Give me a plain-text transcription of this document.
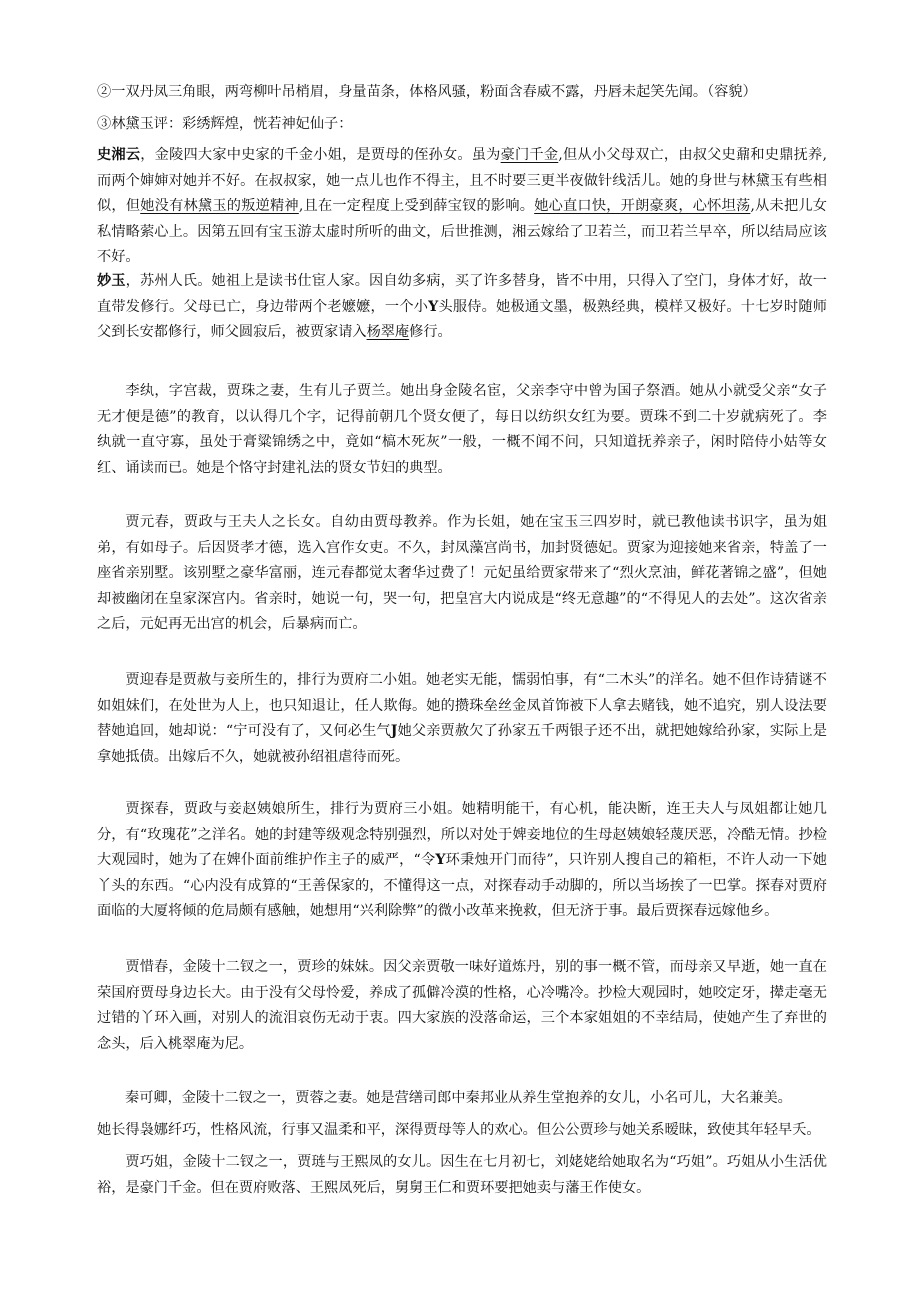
②一双丹凤三角眼，两弯柳叶吊梢眉，身量苗条，体格风骚，粉面含春威不露，丹唇未起笑先闻。（容貌）

③林黛玉评：彩绣辉煌，恍若神妃仙子：

史湘云，金陵四大家中史家的千金小姐，是贾母的侄孙女。虽为豪门千金,但从小父母双亡，由叔父史鼐和史鼎抚养,而两个婶婶对她并不好。在叔叔家，她一点儿也作不得主，且不时要三更半夜做针线活儿。她的身世与林黛玉有些相似，但她没有林黛玉的叛逆精神,且在一定程度上受到薛宝钗的影响。她心直口快，开朗豪爽，心怀坦荡,从未把儿女私情略萦心上。因第五回有宝玉游太虚时所听的曲文，后世推测，湘云嫁给了卫若兰，而卫若兰早卒，所以结局应该不好。

妙玉，苏州人氏。她祖上是读书仕宦人家。因自幼多病，买了许多替身，皆不中用，只得入了空门，身体才好，故一直带发修行。父母已亡，身边带两个老嬷嬷，一个小Y头服侍。她极通文墨，极熟经典，模样又极好。十七岁时随师父到长安都修行，师父圆寂后，被贾家请入杨翠庵修行。

李纨，字宫裁，贾珠之妻，生有儿子贾兰。她出身金陵名宦，父亲李守中曾为国子祭酒。她从小就受父亲“女子无才便是德”的教育，以认得几个字，记得前朝几个贤女便了，每日以纺织女红为要。贾珠不到二十岁就病死了。李纨就一直守寡，虽处于膏粱锦绣之中，竟如“槁木死灰”一般，一概不闻不问，只知道抚养亲子，闲时陪侍小姑等女红、诵读而已。她是个恪守封建礼法的贤女节妇的典型。

贾元春，贾政与王夫人之长女。自幼由贾母教养。作为长姐，她在宝玉三四岁时，就已教他读书识字，虽为姐弟，有如母子。后因贤孝才德，选入宫作女吏。不久，封凤藻宫尚书，加封贤德妃。贾家为迎接她来省亲，特盖了一座省亲别墅。该别墅之豪华富丽，连元春都觉太奢华过费了！元妃虽给贾家带来了“烈火烹油，鲜花著锦之盛”，但她却被幽闭在皇家深宫内。省亲时，她说一句，哭一句，把皇宫大内说成是“终无意趣”的“不得见人的去处”。这次省亲之后，元妃再无出宫的机会，后暴病而亡。

贾迎春是贾赦与妾所生的，排行为贾府二小姐。她老实无能，懦弱怕事，有“二木头”的洋名。她不但作诗猜谜不如姐妹们，在处世为人上，也只知退让，任人欺侮。她的攒珠垒丝金凤首饰被下人拿去赌钱，她不追究，别人设法要替她追回，她却说：“宁可没有了，又何必生气J她父亲贾赦欠了孙家五千两银子还不出，就把她嫁给孙家，实际上是拿她抵债。出嫁后不久，她就被孙绍祖虐待而死。

贾探春，贾政与妾赵姨娘所生，排行为贾府三小姐。她精明能干，有心机，能决断，连王夫人与凤姐都让她几分，有“玫瑰花”之洋名。她的封建等级观念特别强烈，所以对处于婢妾地位的生母赵姨娘轻蔑厌恶，冷酷无情。抄检大观园时，她为了在婢仆面前维护作主子的威严，“令Y环秉烛开门而待”，只许别人搜自己的箱柜，不许人动一下她丫头的东西。“心内没有成算的“王善保家的，不懂得这一点，对探春动手动脚的，所以当场挨了一巴掌。探春对贾府面临的大厦将倾的危局颇有感触，她想用“兴利除弊”的微小改革来挽救，但无济于事。最后贾探春远嫁他乡。

贾惜春，金陵十二钗之一，贾珍的妹妹。因父亲贾敬一味好道炼丹，别的事一概不管，而母亲又早逝，她一直在荣国府贾母身边长大。由于没有父母怜爱，养成了孤僻冷漠的性格，心冷嘴冷。抄检大观园时，她咬定牙，撵走毫无过错的丫环入画，对别人的流泪哀伤无动于衷。四大家族的没落命运，三个本家姐姐的不幸结局，使她产生了弃世的念头，后入桃翠庵为尼。

秦可卿，金陵十二钗之一，贾蓉之妻。她是营缮司郎中秦邦业从养生堂抱养的女儿，小名可儿，大名兼美。

她长得袅娜纤巧，性格风流，行事又温柔和平，深得贾母等人的欢心。但公公贾珍与她关系暧昧，致使其年轻早夭。

贾巧姐，金陵十二钗之一，贾琏与王熙凤的女儿。因生在七月初七，刘姥姥给她取名为“巧姐”。巧姐从小生活优裕，是豪门千金。但在贾府败落、王熙凤死后，舅舅王仁和贾环要把她卖与藩王作使女。
